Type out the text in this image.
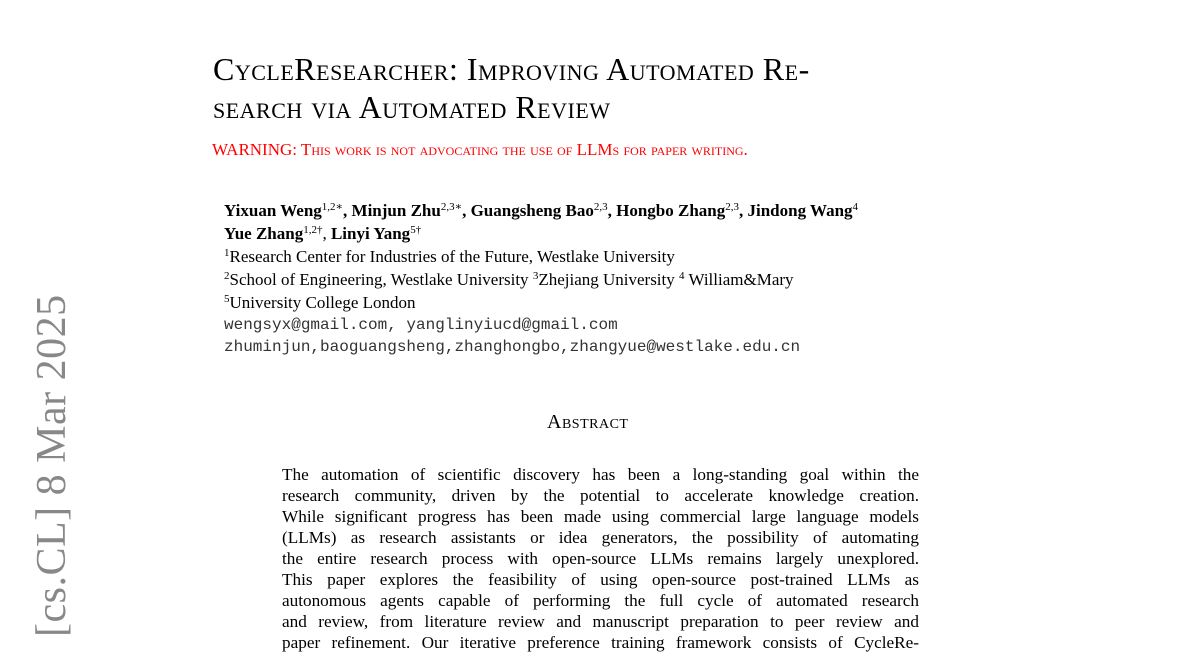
[cs.CL] 8 Mar 2025
CycleResearcher: Improving Automated Re-
search via Automated Review
WARNING: This work is not advocating the use of LLMs for paper writing.
Yixuan Weng$^{1,2∗}$, Minjun Zhu$^{2,3∗}$, Guangsheng Bao$^{2,3}$, Hongbo Zhang$^{2,3}$, Jindong Wang$^4$
Yue Zhang$^{1,2\dagger}$, Linyi Yang$^{5\dagger}$
$^1$Research Center for Industries of the Future, Westlake University
$^2$School of Engineering, Westlake University $^3$Zhejiang University $^4$ William&Mary
$^5$University College London
wengsyx@gmail.com, yanglinyiucd@gmail.com
zhuminjun,baoguangsheng,zhanghongbo,zhangyue@westlake.edu.cn
Abstract
The automation of scientific discovery has been a long-standing goal within the
research community, driven by the potential to accelerate knowledge creation.
While significant progress has been made using commercial large language models
(LLMs) as research assistants or idea generators, the possibility of automating
the entire research process with open-source LLMs remains largely unexplored.
This paper explores the feasibility of using open-source post-trained LLMs as
autonomous agents capable of performing the full cycle of automated research
and review, from literature review and manuscript preparation to peer review and
paper refinement. Our iterative preference training framework consists of CycleRe-
